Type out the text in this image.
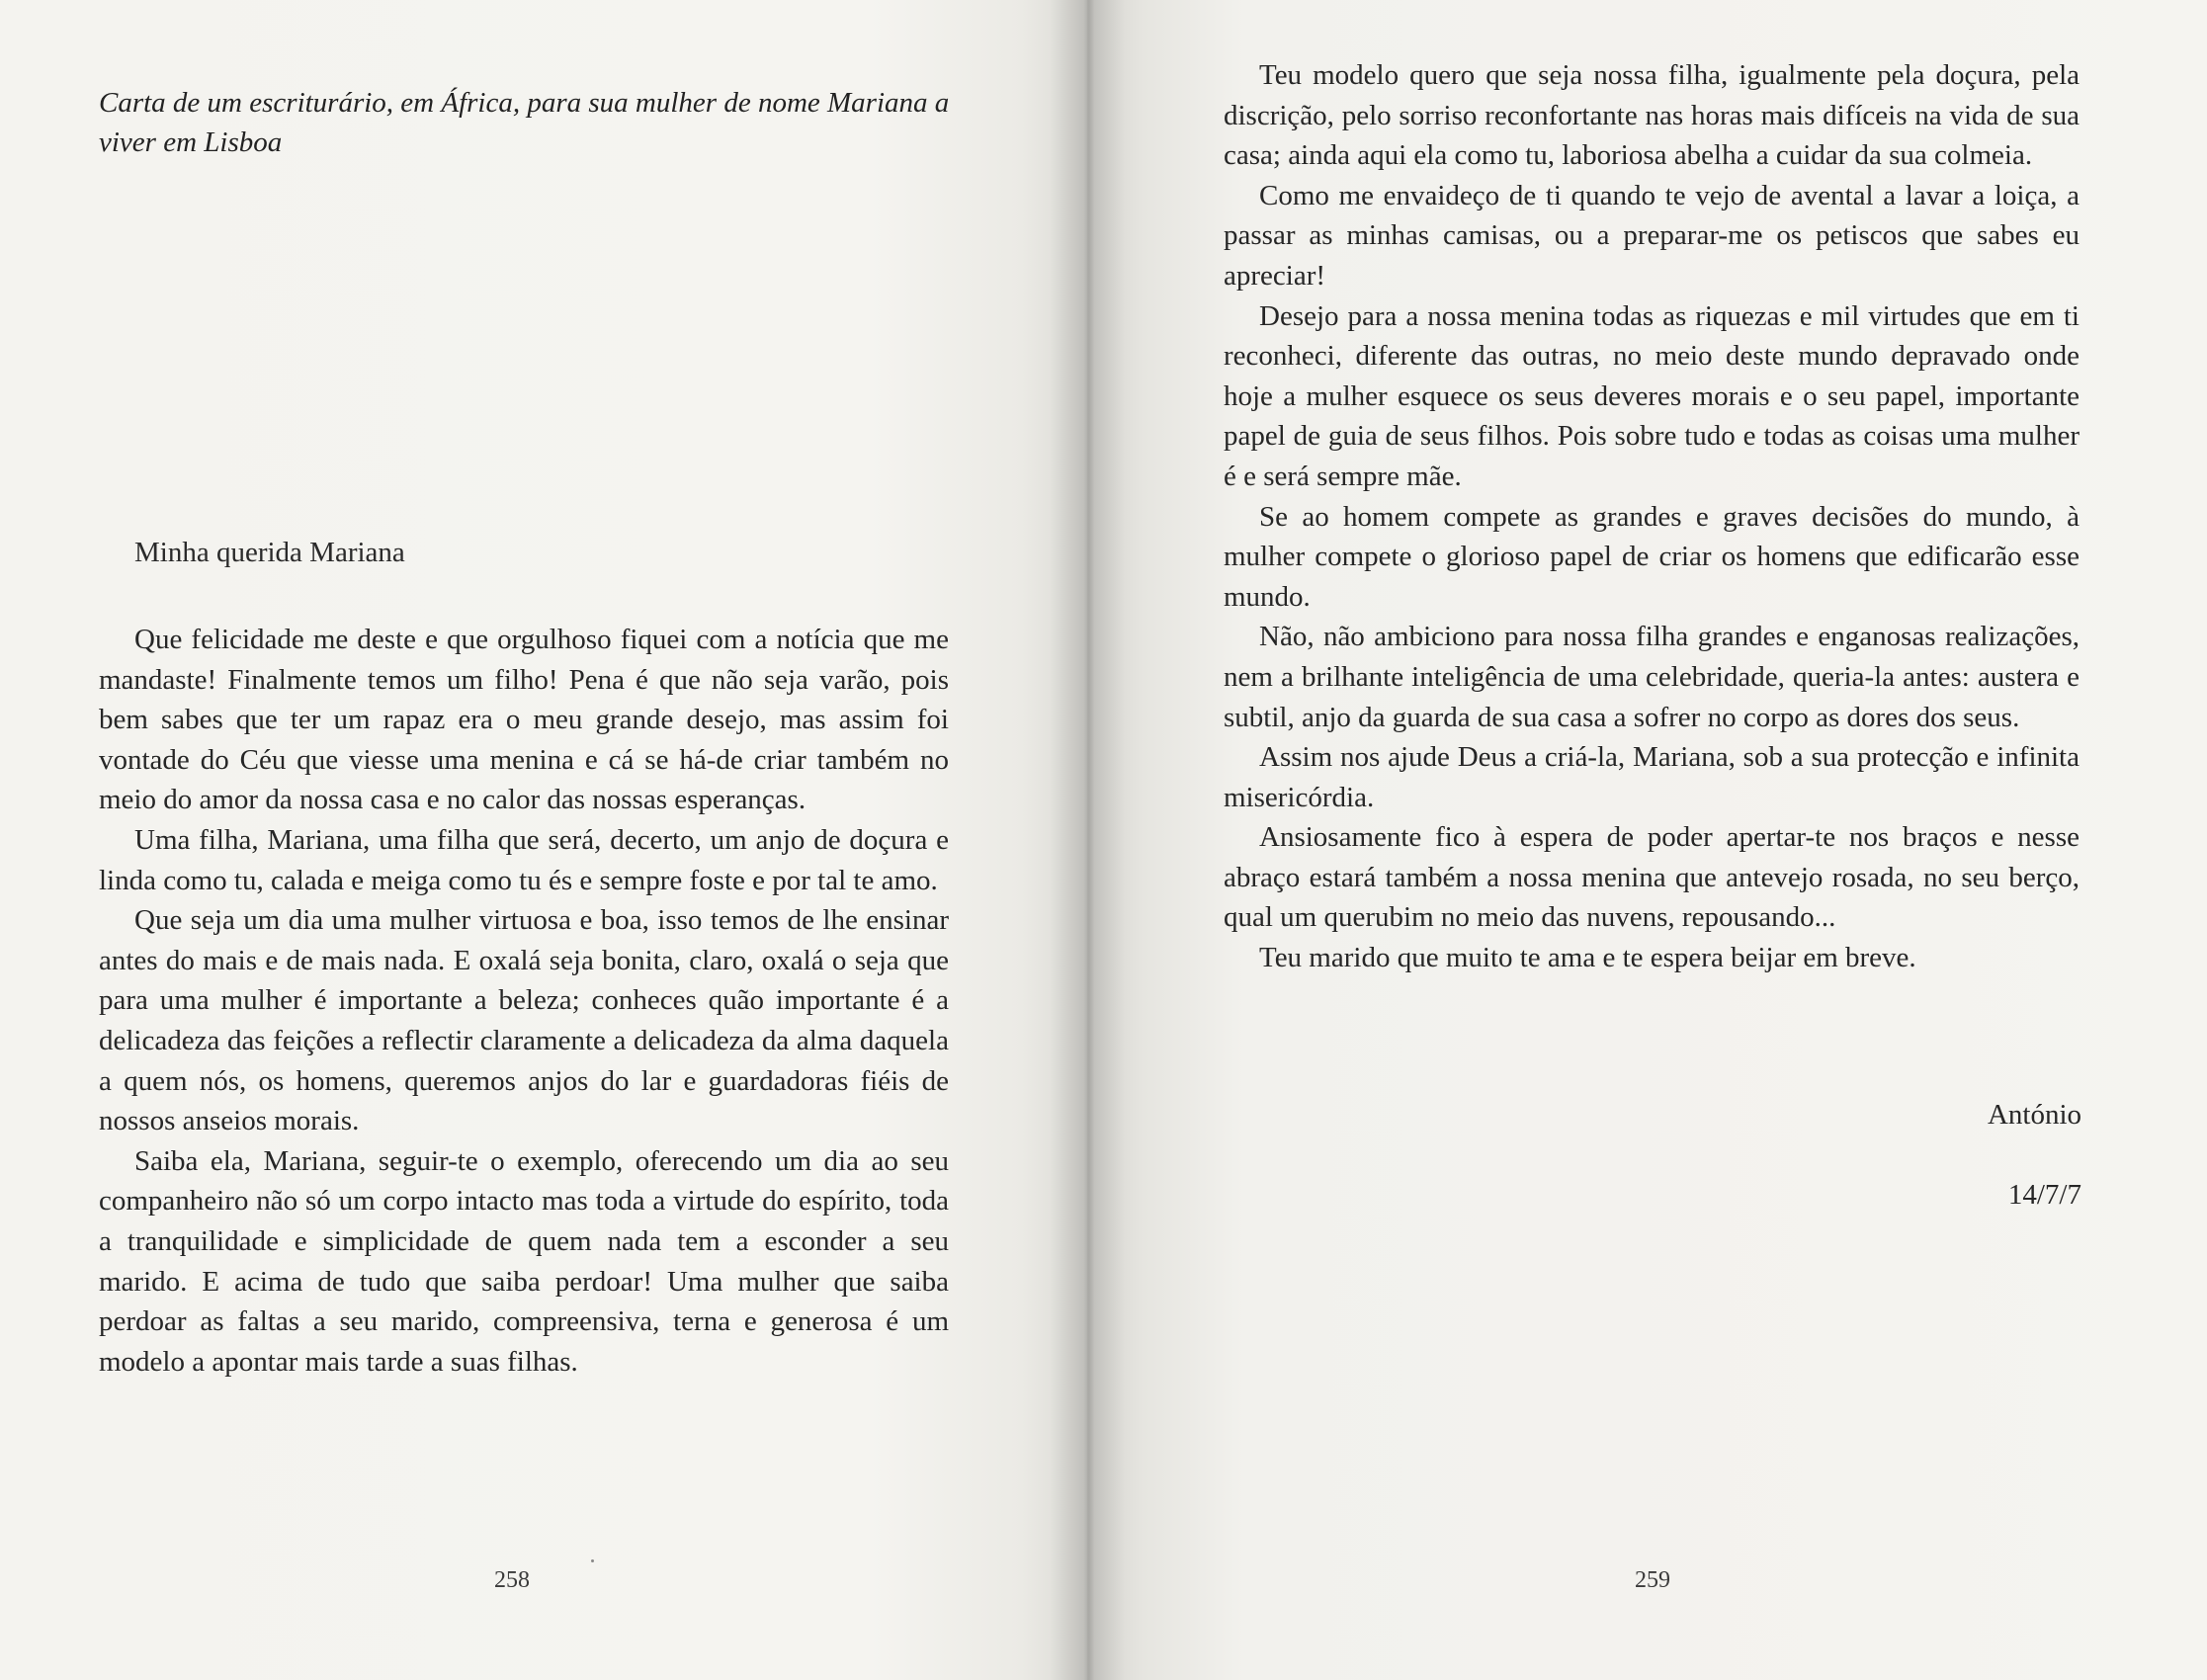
Carta de um escriturário, em África, para sua mulher de nome Mariana a viver em Lisboa
Minha querida Mariana

Que felicidade me deste e que orgulhoso fiquei com a notícia que me mandaste! Finalmente temos um filho! Pena é que não seja varão, pois bem sabes que ter um rapaz era o meu grande desejo, mas assim foi vontade do Céu que viesse uma menina e cá se há-de criar também no meio do amor da nossa casa e no calor das nossas esperanças.

Uma filha, Mariana, uma filha que será, decerto, um anjo de doçura e linda como tu, calada e meiga como tu és e sempre foste e por tal te amo.

Que seja um dia uma mulher virtuosa e boa, isso temos de lhe ensinar antes do mais e de mais nada. E oxalá seja bonita, claro, oxalá o seja que para uma mulher é importante a beleza; conheces quão importante é a delicadeza das feições a reflectir claramente a delicadeza da alma daquela a quem nós, os homens, queremos anjos do lar e guardadoras fiéis de nossos anseios morais.

Saiba ela, Mariana, seguir-te o exemplo, oferecendo um dia ao seu companheiro não só um corpo intacto mas toda a virtude do espírito, toda a tranquilidade e simplicidade de quem nada tem a esconder a seu marido. E acima de tudo que saiba perdoar! Uma mulher que saiba perdoar as faltas a seu marido, compreensiva, terna e generosa é um modelo a apontar mais tarde a suas filhas.

258

Teu modelo quero que seja nossa filha, igualmente pela doçura, pela discrição, pelo sorriso reconfortante nas horas mais difíceis na vida de sua casa; ainda aqui ela como tu, laboriosa abelha a cuidar da sua colmeia.

Como me envaideço de ti quando te vejo de avental a lavar a loiça, a passar as minhas camisas, ou a preparar-me os petiscos que sabes eu apreciar!

Desejo para a nossa menina todas as riquezas e mil virtudes que em ti reconheci, diferente das outras, no meio deste mundo depravado onde hoje a mulher esquece os seus deveres morais e o seu papel, importante papel de guia de seus filhos. Pois sobre tudo e todas as coisas uma mulher é e será sempre mãe.

Se ao homem compete as grandes e graves decisões do mundo, à mulher compete o glorioso papel de criar os homens que edificarão esse mundo.

Não, não ambiciono para nossa filha grandes e enganosas realizações, nem a brilhante inteligência de uma celebridade, queria-la antes: austera e subtil, anjo da guarda de sua casa a sofrer no corpo as dores dos seus.

Assim nos ajude Deus a criá-la, Mariana, sob a sua protecção e infinita misericórdia.

Ansiosamente fico à espera de poder apertar-te nos braços e nesse abraço estará também a nossa menina que antevejo rosada, no seu berço, qual um querubim no meio das nuvens, repousando...

Teu marido que muito te ama e te espera beijar em breve.

António
14/7/7
259
